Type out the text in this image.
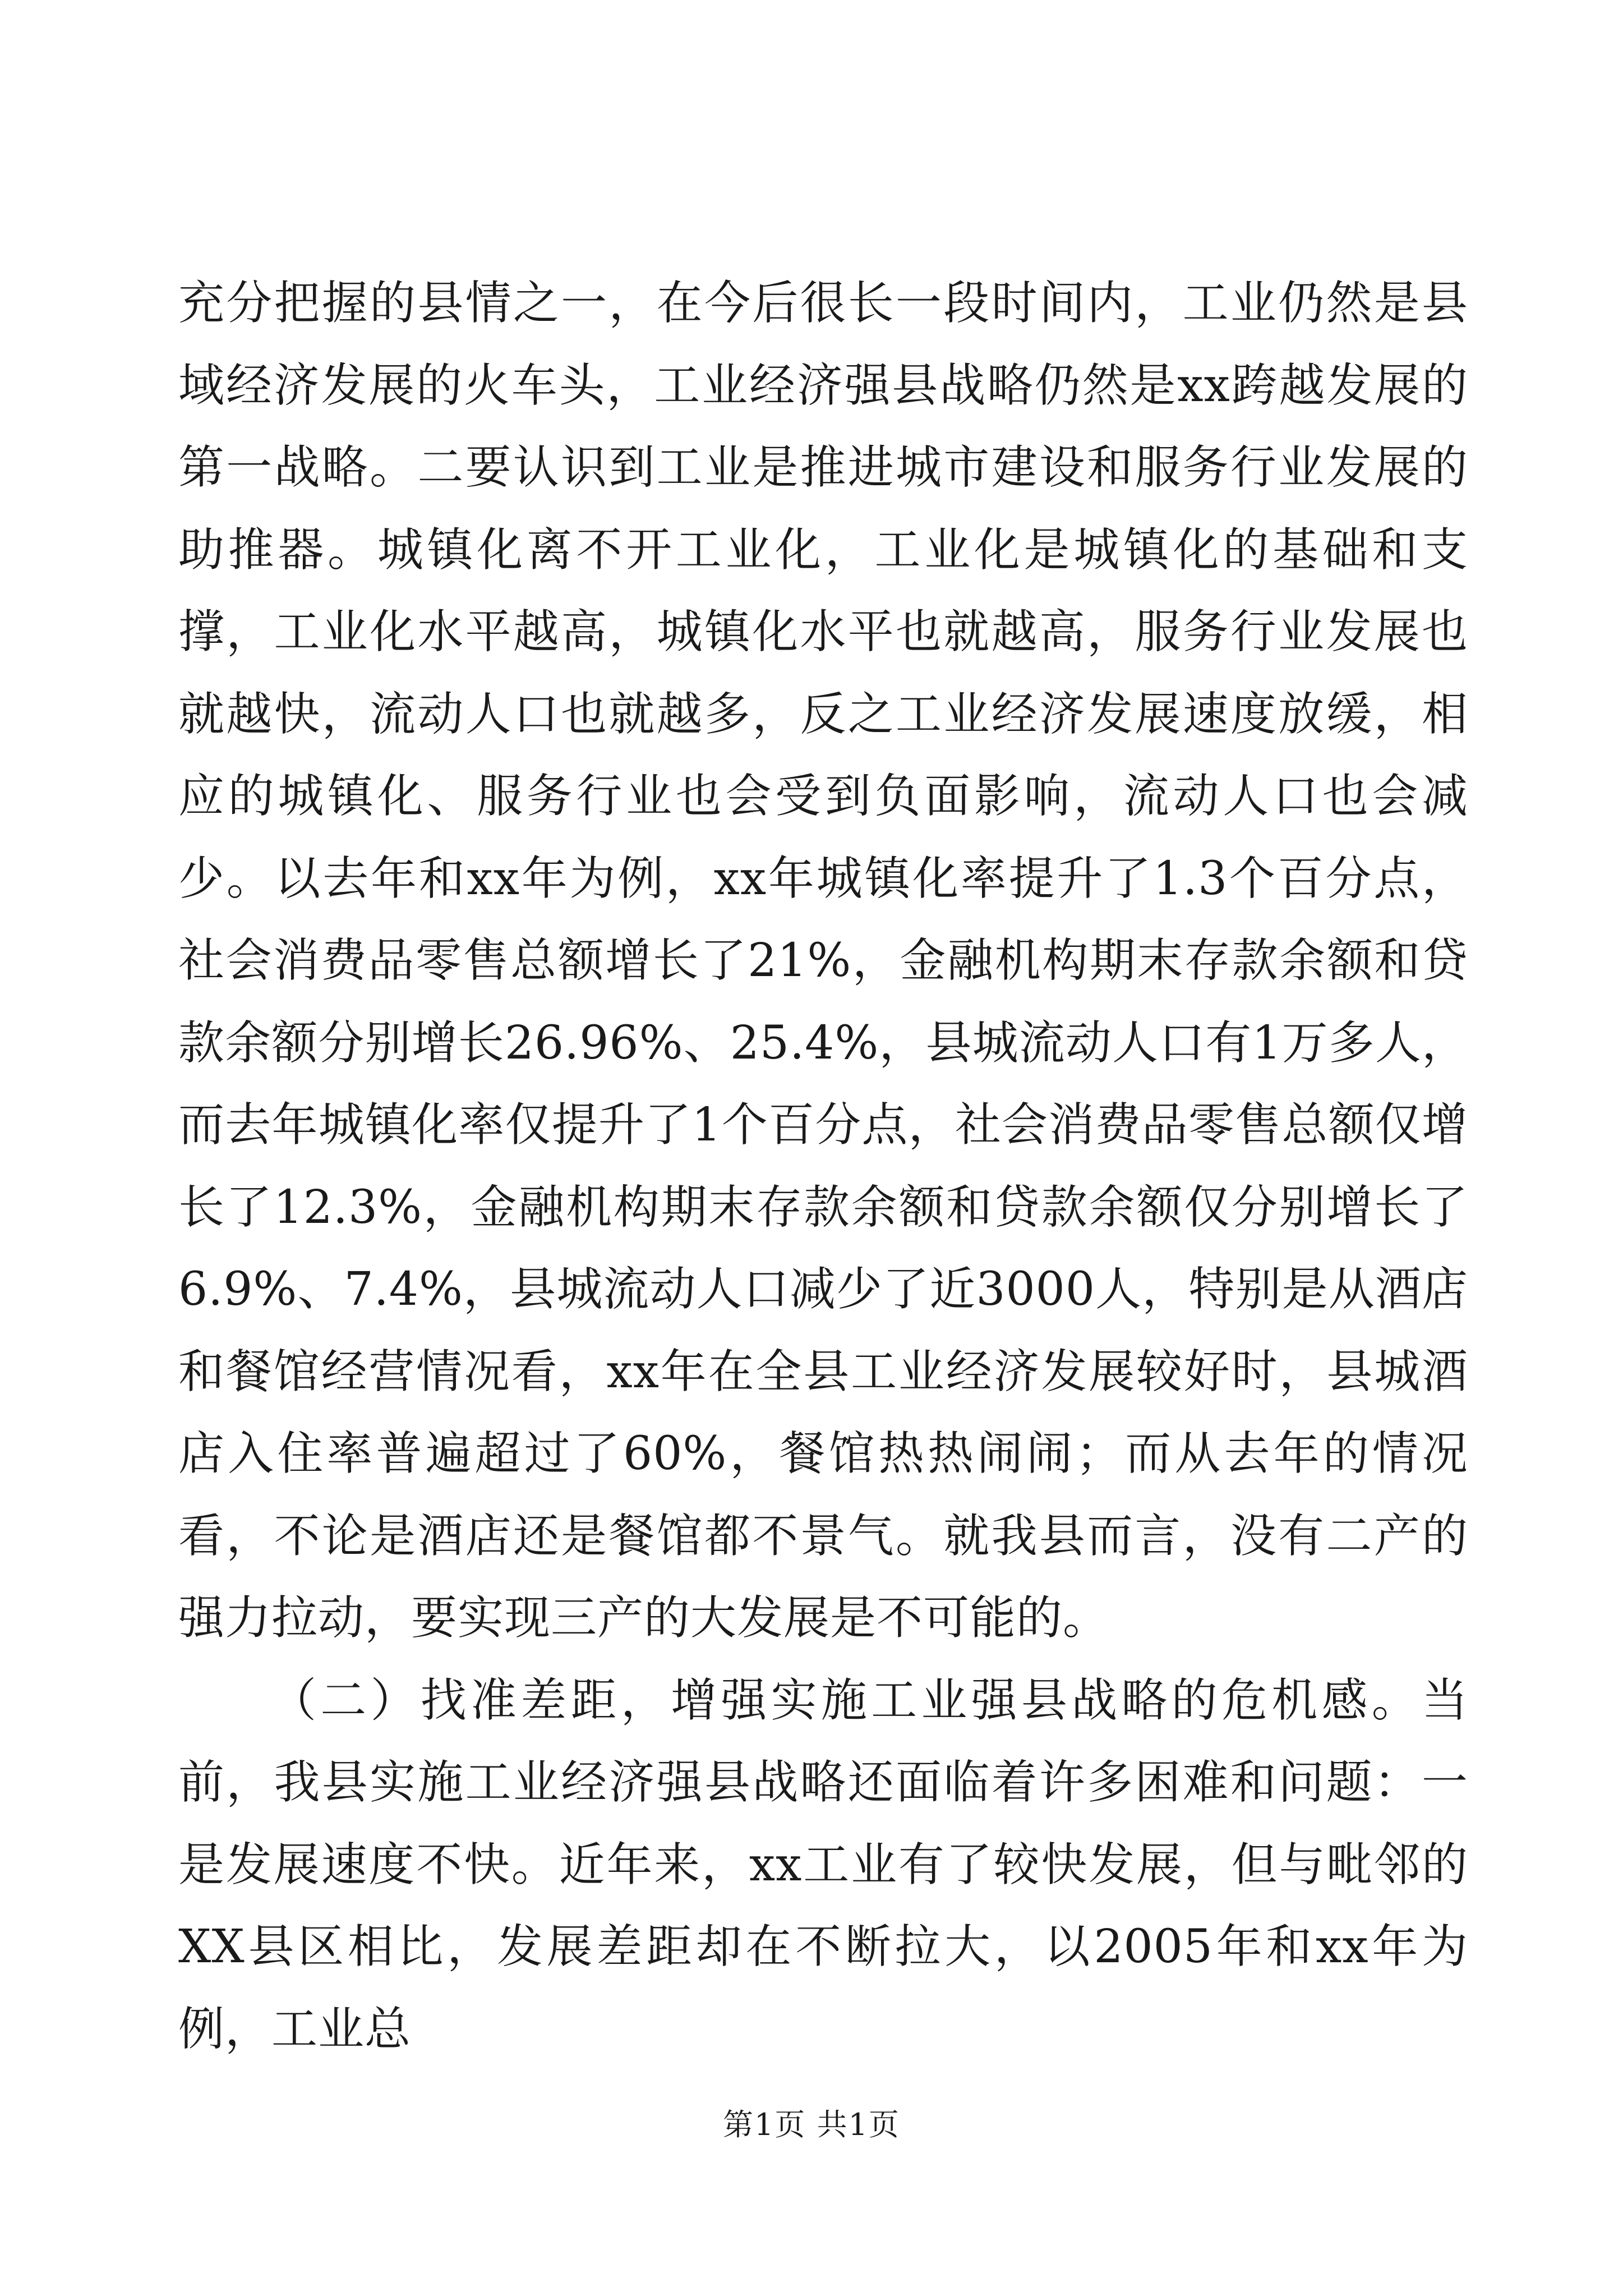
充分把握的县情之一，在今后很长一段时间内，工业仍然是县域经济发展的火车头，工业经济强县战略仍然是xx跨越发展的第一战略。二要认识到工业是推进城市建设和服务行业发展的助推器。城镇化离不开工业化，工业化是城镇化的基础和支撑，工业化水平越高，城镇化水平也就越高，服务行业发展也就越快，流动人口也就越多，反之工业经济发展速度放缓，相应的城镇化、服务行业也会受到负面影响，流动人口也会减少。以去年和xx年为例，xx年城镇化率提升了1.3个百分点，社会消费品零售总额增长了21%，金融机构期末存款余额和贷款余额分别增长26.96%、25.4%，县城流动人口有1万多人，而去年城镇化率仅提升了1个百分点，社会消费品零售总额仅增长了12.3%，金融机构期末存款余额和贷款余额仅分别增长了6.9%、7.4%，县城流动人口减少了近3000人，特别是从酒店和餐馆经营情况看，xx年在全县工业经济发展较好时，县城酒店入住率普遍超过了60%，餐馆热热闹闹；而从去年的情况看，不论是酒店还是餐馆都不景气。就我县而言，没有二产的强力拉动，要实现三产的大发展是不可能的。

（二）找准差距，增强实施工业强县战略的危机感。当前，我县实施工业经济强县战略还面临着许多困难和问题：一是发展速度不快。近年来，xx工业有了较快发展，但与毗邻的XX县区相比，发展差距却在不断拉大，以2005年和xx年为例，工业总

第1页 共1页
